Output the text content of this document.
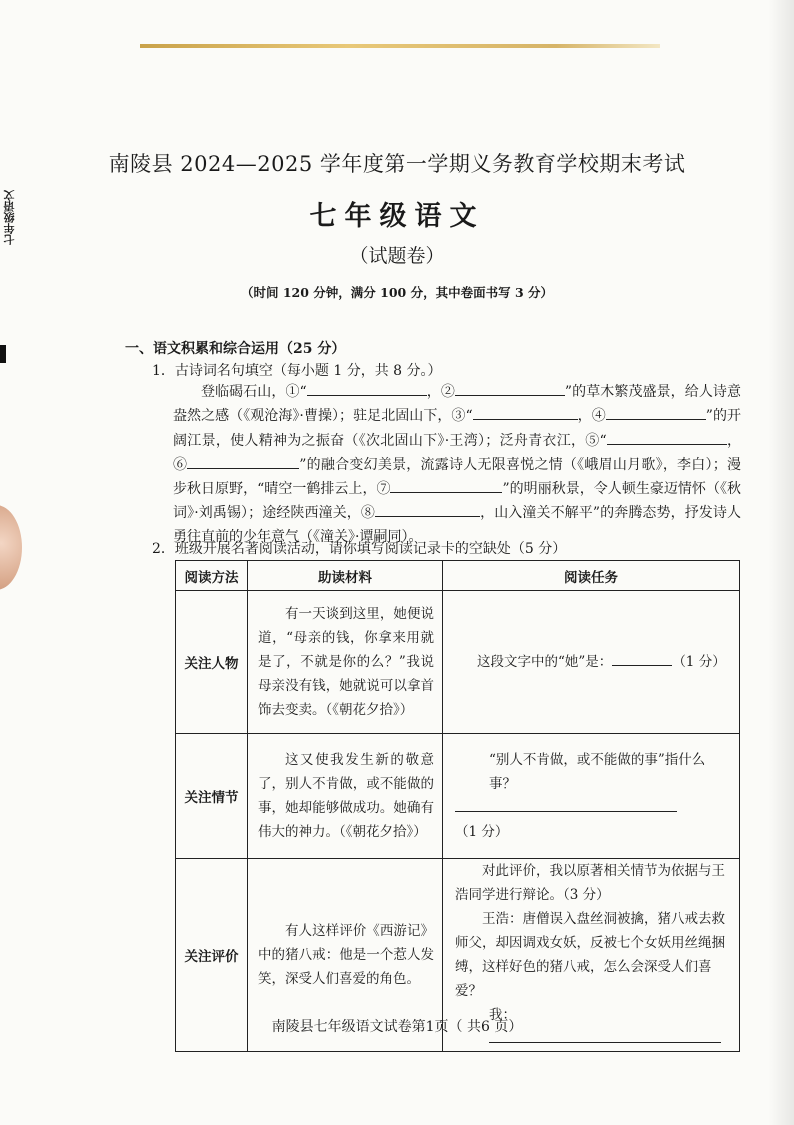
七年级语文
南陵县 2024—2025 学年度第一学期义务教育学校期末考试
七年级语文
（试题卷）
（时间 120 分钟，满分 100 分，其中卷面书写 3 分）
一、语文积累和综合运用（25 分）
1．古诗词名句填空（每小题 1 分，共 8 分。）
登临碣石山，①“	，②	”的草木繁茂盛景，给人诗意盎然之感（《观沧海》·曹操）；驻足北固山下，③“	，④	”的开阔江景，使人精神为之振奋（《次北固山下》·王湾）；泛舟青衣江，⑤“	，⑥	”的融合变幻美景，流露诗人无限喜悦之情（《峨眉山月歌》，李白）；漫步秋日原野，“晴空一鹤排云上，⑦	”的明丽秋景，令人顿生豪迈情怀（《秋词》·刘禹锡）；途经陕西潼关，⑧	，山入潼关不解平”的奔腾态势，抒发诗人勇往直前的少年意气（《潼关》·谭嗣同）。
2．班级开展名著阅读活动，请你填写阅读记录卡的空缺处（5 分）
阅读方法	助读材料	阅读任务
关注人物	有一天谈到这里，她便说道，“母亲的钱，你拿来用就是了，不就是你的么？”我说母亲没有钱，她就说可以拿首饰去变卖。（《朝花夕拾》）	这段文字中的“她”是： （1 分）

关注情节	这又使我发生新的敬意了，别人不肯做，或不能做的事，她却能够做成功。她确有伟大的神力。（《朝花夕拾》）	“别人不肯做，或不能做的事”指什么事？
（1 分）

关注评价	有人这样评价《西游记》中的猪八戒：他是一个惹人发笑，深受人们喜爱的角色。	对此评价，我以原著相关情节为依据与王浩同学进行辩论。（3 分）
王浩：唐僧误入盘丝洞被擒，猪八戒去救师父，却因调戏女妖，反被七个女妖用丝绳捆缚，这样好色的猪八戒，怎么会深受人们喜爱？
我：
南陵县七年级语文试卷第1页（ 共6 页）
